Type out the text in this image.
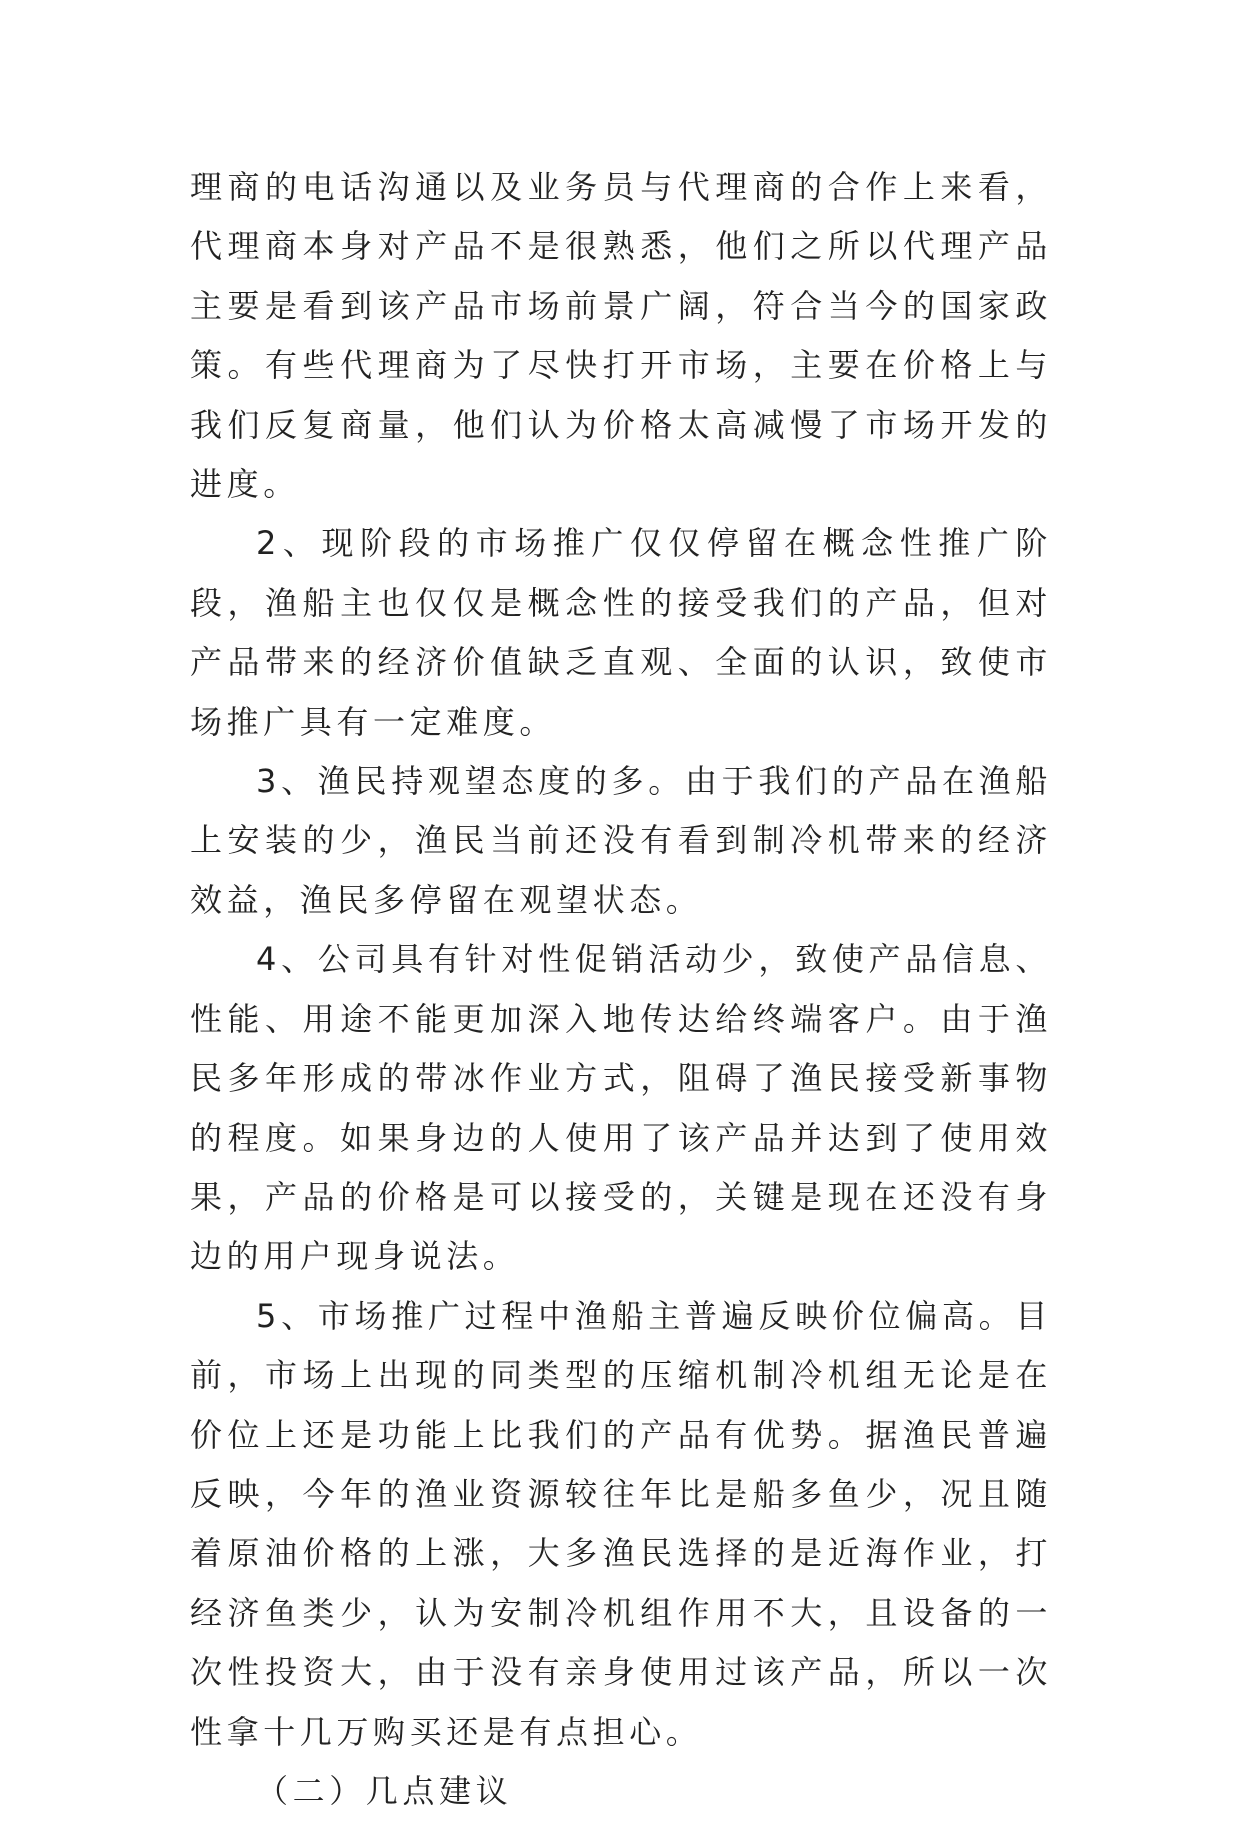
理商的电话沟通以及业务员与代理商的合作上来看，代理商本身对产品不是很熟悉，他们之所以代理产品主要是看到该产品市场前景广阔，符合当今的国家政策。有些代理商为了尽快打开市场，主要在价格上与我们反复商量，他们认为价格太高减慢了市场开发的进度。

2、现阶段的市场推广仅仅停留在概念性推广阶段，渔船主也仅仅是概念性的接受我们的产品，但对产品带来的经济价值缺乏直观、全面的认识，致使市场推广具有一定难度。

3、渔民持观望态度的多。由于我们的产品在渔船上安装的少，渔民当前还没有看到制冷机带来的经济效益，渔民多停留在观望状态。

4、公司具有针对性促销活动少，致使产品信息、性能、用途不能更加深入地传达给终端客户。由于渔民多年形成的带冰作业方式，阻碍了渔民接受新事物的程度。如果身边的人使用了该产品并达到了使用效果，产品的价格是可以接受的，关键是现在还没有身边的用户现身说法。

5、市场推广过程中渔船主普遍反映价位偏高。目前，市场上出现的同类型的压缩机制冷机组无论是在价位上还是功能上比我们的产品有优势。据渔民普遍反映，今年的渔业资源较往年比是船多鱼少，况且随着原油价格的上涨，大多渔民选择的是近海作业，打经济鱼类少，认为安制冷机组作用不大，且设备的一次性投资大，由于没有亲身使用过该产品，所以一次性拿十几万购买还是有点担心。

（二）几点建议
